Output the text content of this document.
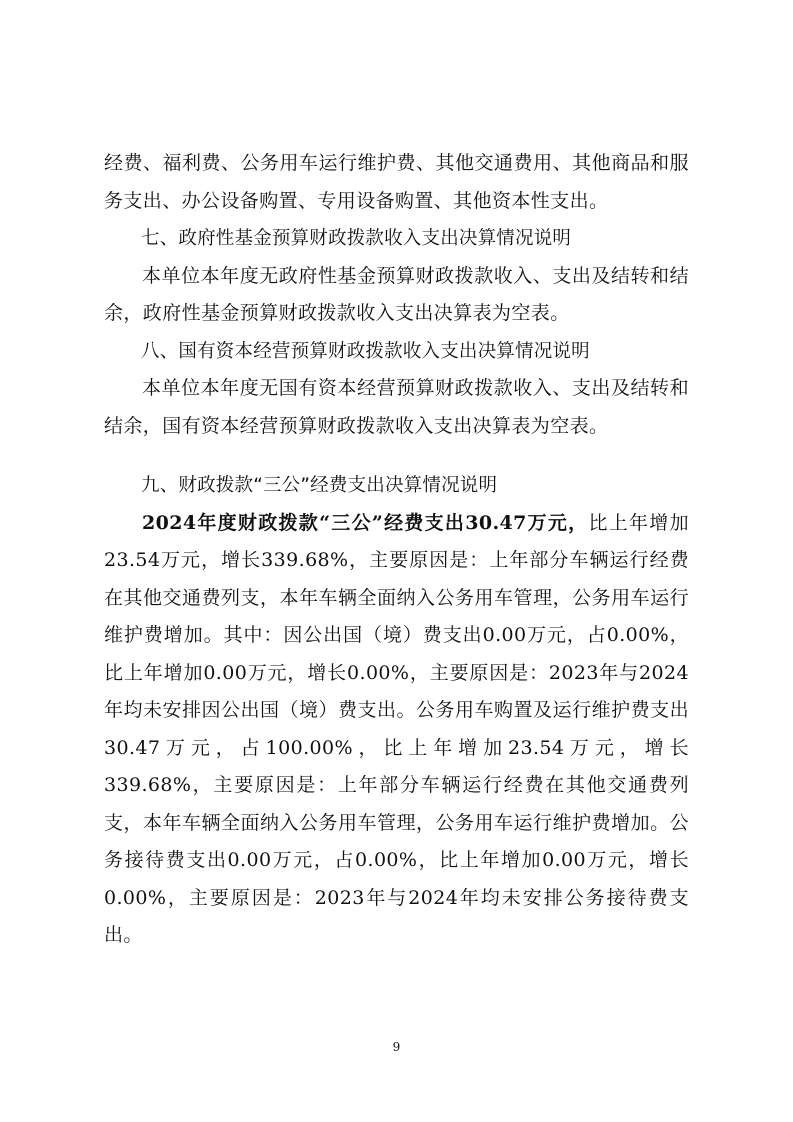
经费、福利费、公务用车运行维护费、其他交通费用、其他商品和服务支出、办公设备购置、专用设备购置、其他资本性支出。

七、政府性基金预算财政拨款收入支出决算情况说明

本单位本年度无政府性基金预算财政拨款收入、支出及结转和结余，政府性基金预算财政拨款收入支出决算表为空表。

八、国有资本经营预算财政拨款收入支出决算情况说明

本单位本年度无国有资本经营预算财政拨款收入、支出及结转和结余，国有资本经营预算财政拨款收入支出决算表为空表。

九、财政拨款“三公”经费支出决算情况说明

2024年度财政拨款“三公”经费支出30.47万元，比上年增加23.54万元，增长339.68%，主要原因是：上年部分车辆运行经费在其他交通费列支，本年车辆全面纳入公务用车管理，公务用车运行维护费增加。其中：因公出国（境）费支出0.00万元，占0.00%，比上年增加0.00万元，增长0.00%，主要原因是：2023年与2024年均未安排因公出国（境）费支出。公务用车购置及运行维护费支出30.47万元，占100.00%，比上年增加23.54万元，增长339.68%，主要原因是：上年部分车辆运行经费在其他交通费列支，本年车辆全面纳入公务用车管理，公务用车运行维护费增加。公务接待费支出0.00万元，占0.00%，比上年增加0.00万元，增长0.00%，主要原因是：2023年与2024年均未安排公务接待费支出。

9
